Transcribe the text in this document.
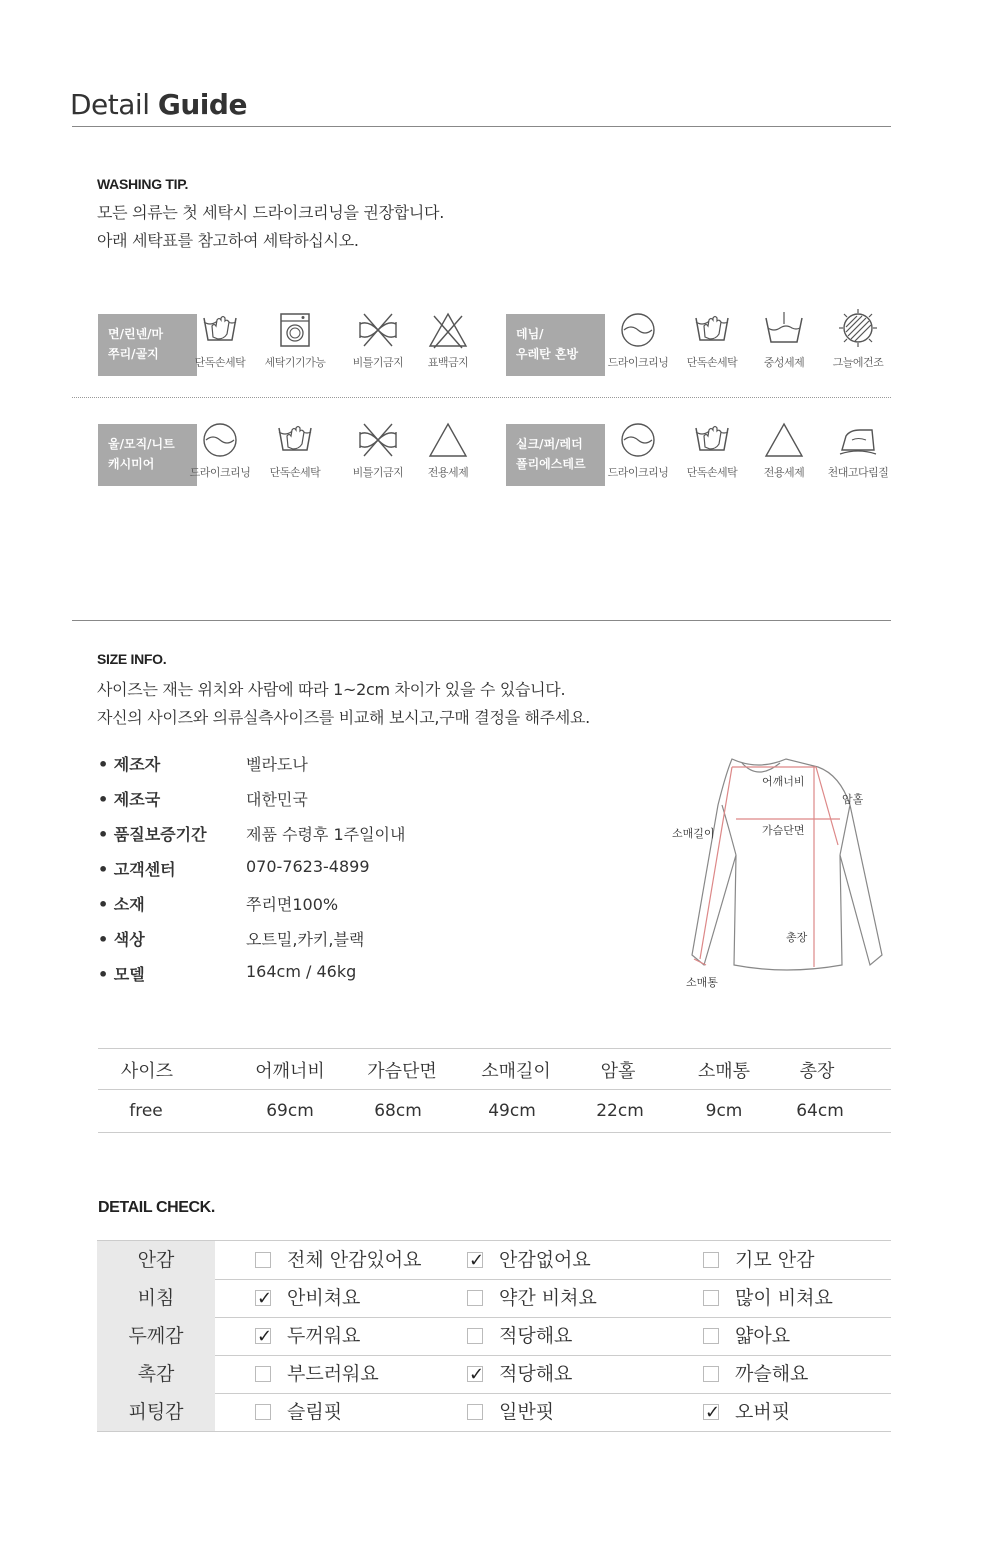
Detail Guide
WASHING TIP.
모든 의류는 첫 세탁시 드라이크리닝을 권장합니다.
아래 세탁표를 참고하여 세탁하십시오.
면/린넨/마
쭈리/골지
데님/
우레탄 혼방
울/모직/니트
캐시미어
실크/퍼/레더
폴리에스테르
단독손세탁	세탁기기가능	비틀기금지	표백금지	드라이크리닝	단독손세탁	중성세제	그늘에건조
드라이크리닝	단독손세탁	비틀기금지	전용세제	드라이크리닝	단독손세탁	전용세제	천대고다림질
SIZE INFO.
사이즈는 재는 위치와 사람에 따라 1~2cm 차이가 있을 수 있습니다.
자신의 사이즈와 의류실측사이즈를 비교해 보시고,구매 결정을 해주세요.
• 제조자	벨라도나
• 제조국	대한민국
• 품질보증기간	제품 수령후 1주일이내
• 고객센터	070-7623-4899
• 소재	쭈리면100%
• 색상	오트밀,카키,블랙
• 모델	164cm / 46kg
어깨너비
암홀
소매길이	가슴단면
총장
소매통
사이즈	어깨너비	가슴단면	소매길이	암홀	소매통	총장
free	69cm	68cm	49cm	22cm	9cm	64cm
DETAIL CHECK.
안감	전체 안감있어요	✓ 안감없어요	기모 안감
비침	✓ 안비쳐요	약간 비쳐요	많이 비쳐요
두께감	✓ 두꺼워요	적당해요	얇아요
촉감	부드러워요	✓ 적당해요	까슬해요
피팅감	슬림핏	일반핏	✓ 오버핏
